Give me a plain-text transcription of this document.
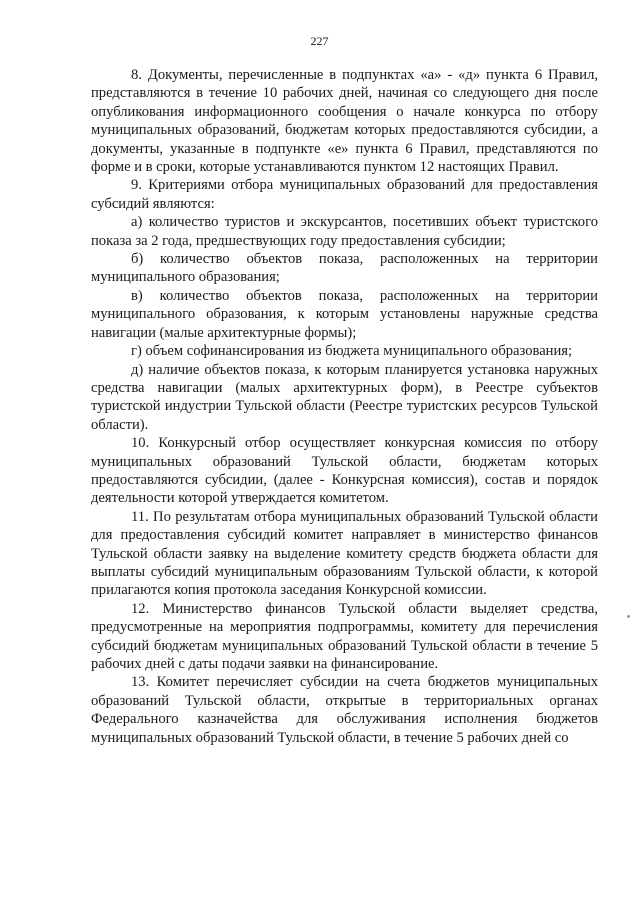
227

8. Документы, перечисленные в подпунктах «а» - «д» пункта 6 Правил, представляются в течение 10 рабочих дней, начиная со следующего дня после опубликования информационного сообщения о начале конкурса по отбору муниципальных образований, бюджетам которых предоставляются субсидии, а документы, указанные в подпункте «е» пункта 6 Правил, представляются по форме и в сроки, которые устанавливаются пунктом 12 настоящих Правил.

9. Критериями отбора муниципальных образований для предоставления субсидий являются:

а) количество туристов и экскурсантов, посетивших объект туристского показа за 2 года, предшествующих году предоставления субсидии;

б) количество объектов показа, расположенных на территории муниципального образования;

в) количество объектов показа, расположенных на территории муниципального образования, к которым установлены наружные средства навигации (малые архитектурные формы);

г) объем софинансирования из бюджета муниципального образования;

д) наличие объектов показа, к которым планируется установка наружных средства навигации (малых архитектурных форм), в Реестре субъектов туристской индустрии Тульской области (Реестре туристских ресурсов Тульской области).

10. Конкурсный отбор осуществляет конкурсная комиссия по отбору муниципальных образований Тульской области, бюджетам которых предоставляются субсидии, (далее - Конкурсная комиссия), состав и порядок деятельности которой утверждается комитетом.

11. По результатам отбора муниципальных образований Тульской области для предоставления субсидий комитет направляет в министерство финансов Тульской области заявку на выделение комитету средств бюджета области для выплаты субсидий муниципальным образованиям Тульской области, к которой прилагаются копия протокола заседания Конкурсной комиссии.

12. Министерство финансов Тульской области выделяет средства, предусмотренные на мероприятия подпрограммы, комитету для перечисления субсидий бюджетам муниципальных образований Тульской области в течение 5 рабочих дней с даты подачи заявки на финансирование.

13. Комитет перечисляет субсидии на счета бюджетов муниципальных образований Тульской области, открытые в территориальных органах Федерального казначейства для обслуживания исполнения бюджетов муниципальных образований Тульской области, в течение 5 рабочих дней со
